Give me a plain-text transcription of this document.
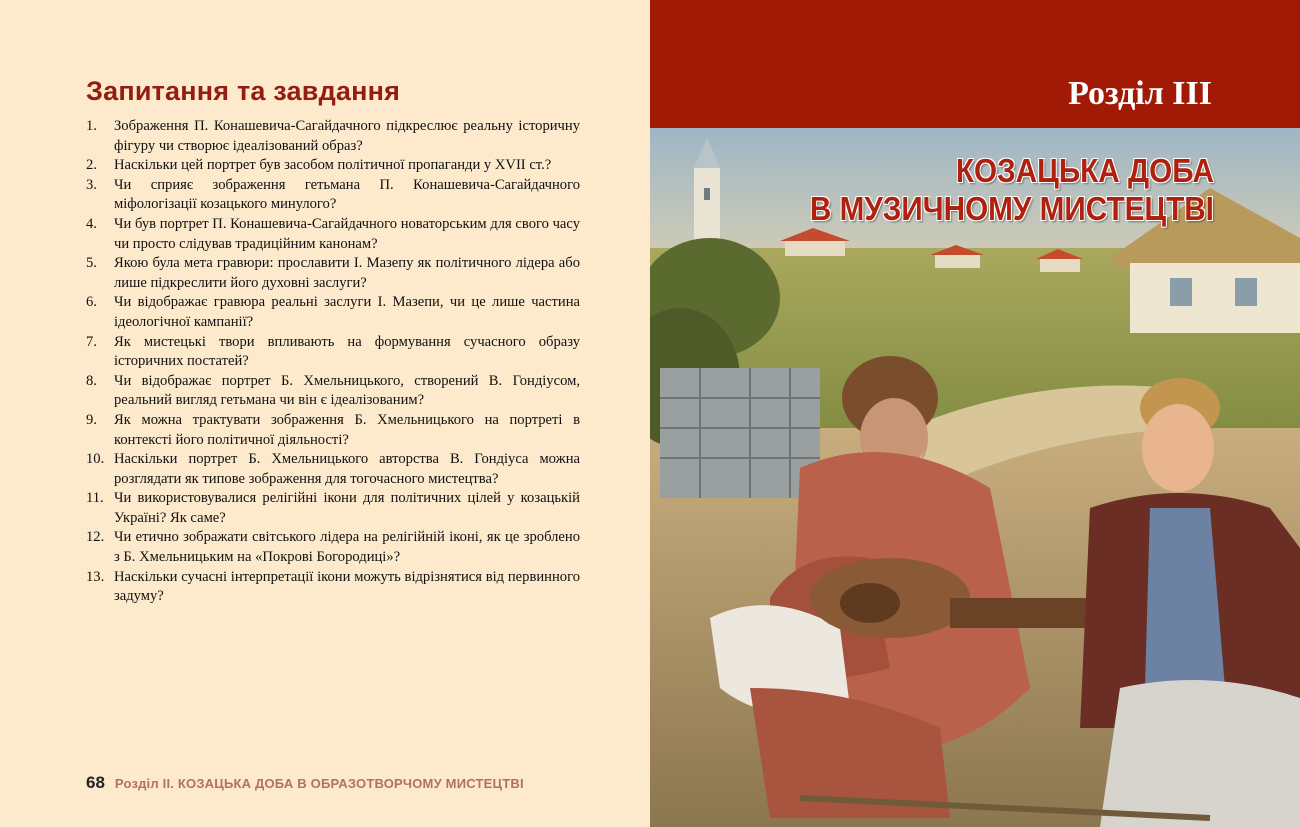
Запитання та завдання
1. Зображення П. Конашевича-Сагайдачного підкреслює реальну історичну фігуру чи створює ідеалізований образ?
2. Наскільки цей портрет був засобом політичної пропаганди у XVII ст.?
3. Чи сприяє зображення гетьмана П. Конашевича-Сагайдачного міфологізації козацького минулого?
4. Чи був портрет П. Конашевича-Сагайдачного новаторським для свого часу чи просто слідував традиційним канонам?
5. Якою була мета гравюри: прославити І. Мазепу як політичного лідера або лише підкреслити його духовні заслуги?
6. Чи відображає гравюра реальні заслуги І. Мазепи, чи це лише частина ідеологічної кампанії?
7. Як мистецькі твори впливають на формування сучасного образу історичних постатей?
8. Чи відображає портрет Б. Хмельницького, створений В. Гондіусом, реальний вигляд гетьмана чи він є ідеалізованим?
9. Як можна трактувати зображення Б. Хмельницького на портреті в контексті його політичної діяльності?
10. Наскільки портрет Б. Хмельницького авторства В. Гондіуса можна розглядати як типове зображення для тогочасного мистецтва?
11. Чи використовувалися релігійні ікони для політичних цілей у козацькій Україні? Як саме?
12. Чи етично зображати світського лідера на релігійній іконі, як це зроблено з Б. Хмельницьким на «Покрові Богородиці»?
13. Наскільки сучасні інтерпретації ікони можуть відрізнятися від первинного задуму?
68 Розділ ІІ. КОЗАЦЬКА ДОБА В ОБРАЗОТВОРЧОМУ МИСТЕЦТВІ
Розділ ІІІ
КОЗАЦЬКА ДОБА
В МУЗИЧНОМУ МИСТЕЦТВІ
